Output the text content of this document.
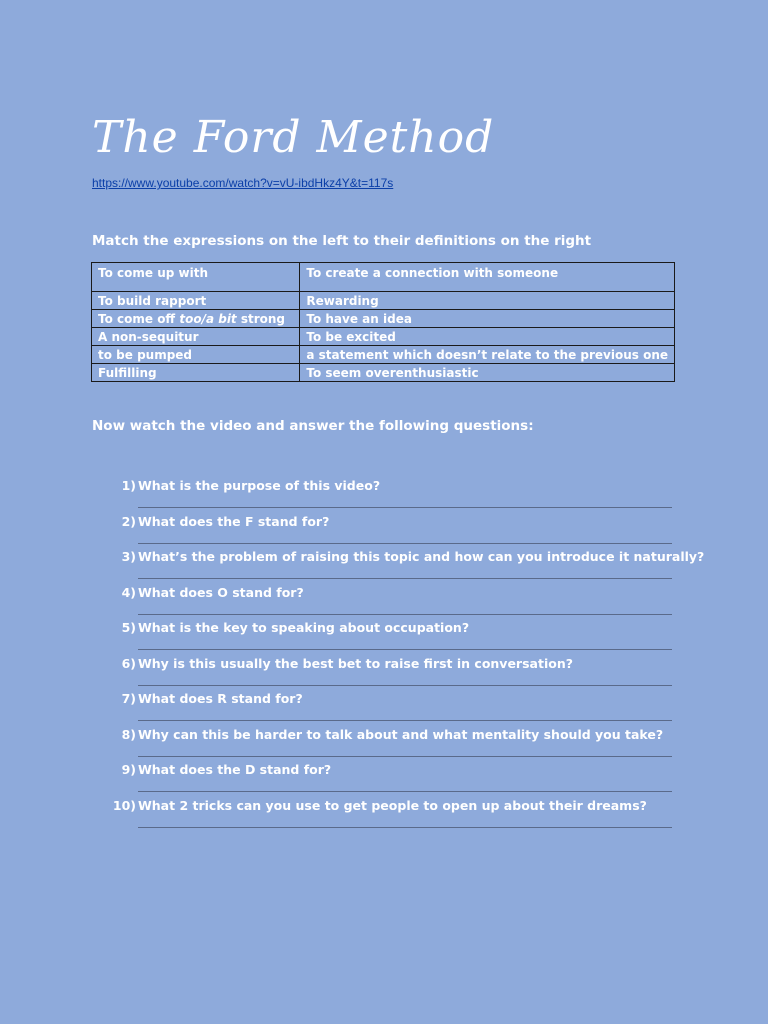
The Ford Method
https://www.youtube.com/watch?v=vU-ibdHkz4Y&t=117s

Match the expressions on the left to their definitions on the right

To come up with	To create a connection with someone
To build rapport	Rewarding
To come off too/a bit strong	To have an idea
A non-sequitur	To be excited
to be pumped	a statement which doesn’t relate to the previous one
Fulfilling	To seem overenthusiastic

Now watch the video and answer the following questions:

1) What is the purpose of this video?
2) What does the F stand for?
3) What’s the problem of raising this topic and how can you introduce it naturally?
4) What does O stand for?
5) What is the key to speaking about occupation?
6) Why is this usually the best bet to raise first in conversation?
7) What does R stand for?
8) Why can this be harder to talk about and what mentality should you take?
9) What does the D stand for?
10) What 2 tricks can you use to get people to open up about their dreams?
